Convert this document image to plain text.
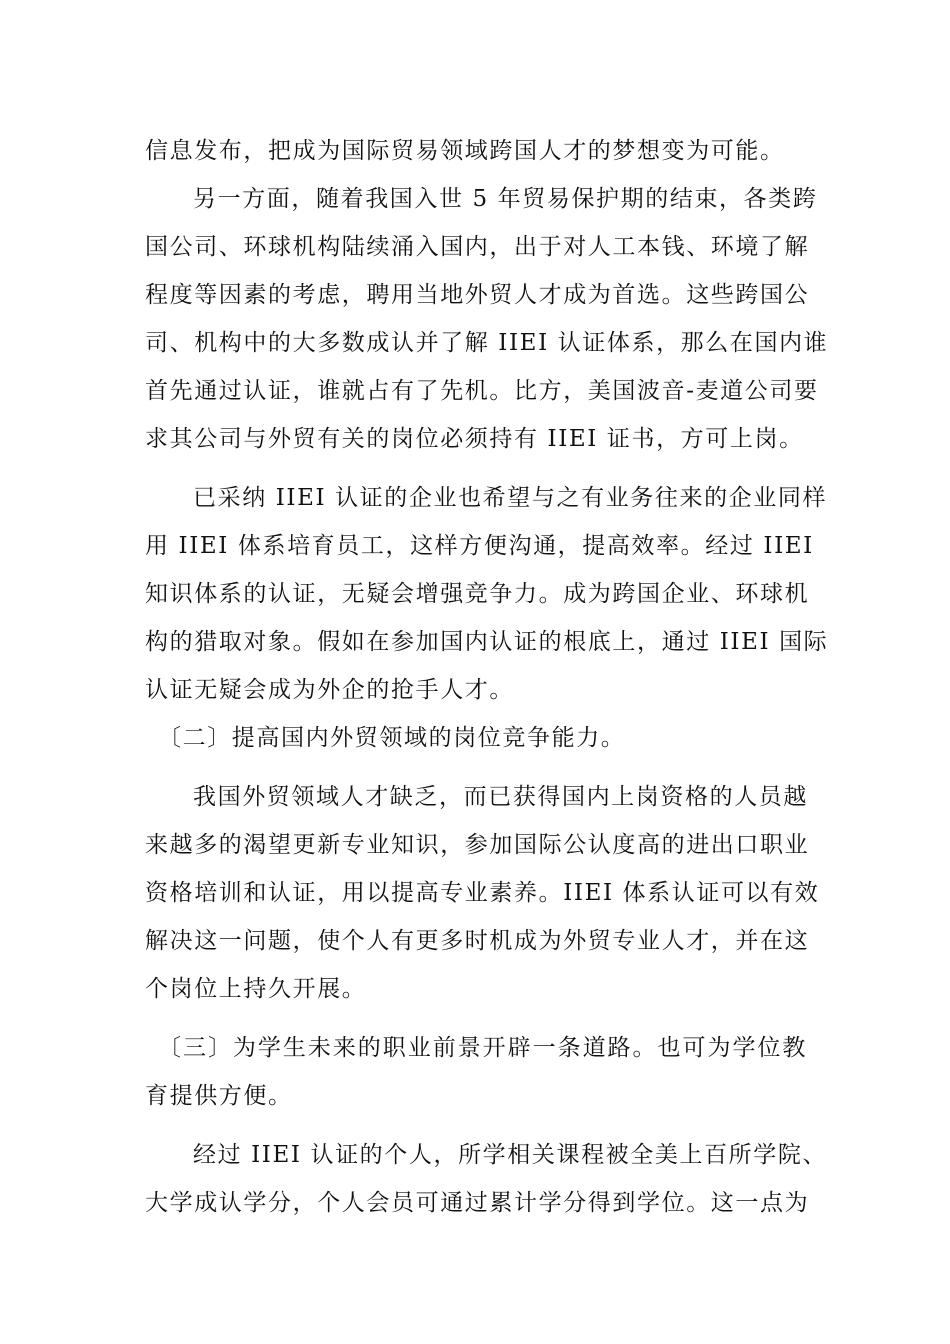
信息发布，把成为国际贸易领域跨国人才的梦想变为可能。
另一方面，随着我国入世 5 年贸易保护期的结束，各类跨
国公司、环球机构陆续涌入国内，出于对人工本钱、环境了解
程度等因素的考虑，聘用当地外贸人才成为首选。这些跨国公
司、机构中的大多数成认并了解 IIEI 认证体系，那么在国内谁
首先通过认证，谁就占有了先机。比方，美国波音-麦道公司要
求其公司与外贸有关的岗位必须持有 IIEI 证书，方可上岗。
已采纳 IIEI 认证的企业也希望与之有业务往来的企业同样
用 IIEI 体系培育员工，这样方便沟通，提高效率。经过 IIEI
知识体系的认证，无疑会增强竞争力。成为跨国企业、环球机
构的猎取对象。假如在参加国内认证的根底上，通过 IIEI 国际
认证无疑会成为外企的抢手人才。
〔二〕提高国内外贸领域的岗位竞争能力。
我国外贸领域人才缺乏，而已获得国内上岗资格的人员越
来越多的渴望更新专业知识，参加国际公认度高的进出口职业
资格培训和认证，用以提高专业素养。IIEI 体系认证可以有效
解决这一问题，使个人有更多时机成为外贸专业人才，并在这
个岗位上持久开展。
〔三〕为学生未来的职业前景开辟一条道路。也可为学位教
育提供方便。
经过 IIEI 认证的个人，所学相关课程被全美上百所学院、
大学成认学分，个人会员可通过累计学分得到学位。这一点为
